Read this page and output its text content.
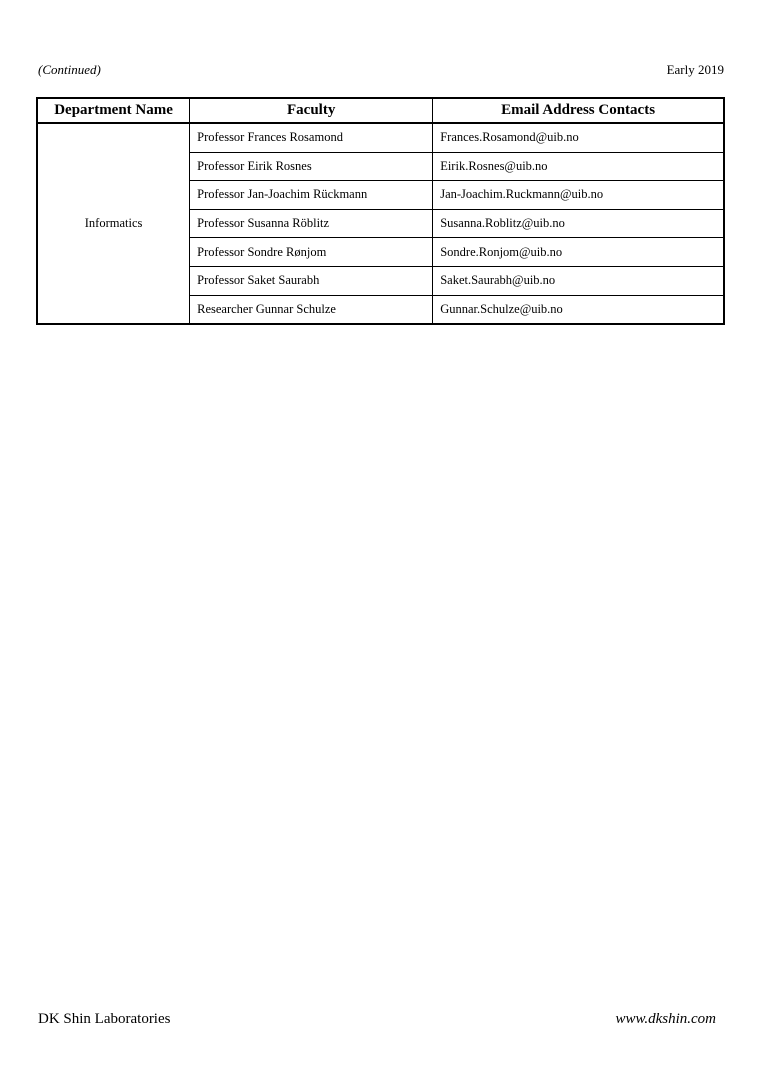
(Continued)	Early 2019
Department Name	Faculty	Email Address Contacts
Informatics	Professor Frances Rosamond	Frances.Rosamond@uib.no
	Professor Eirik Rosnes	Eirik.Rosnes@uib.no
	Professor Jan-Joachim Rückmann	Jan-Joachim.Ruckmann@uib.no
	Professor Susanna Röblitz	Susanna.Roblitz@uib.no
	Professor Sondre Rønjom	Sondre.Ronjom@uib.no
	Professor Saket Saurabh	Saket.Saurabh@uib.no
	Researcher Gunnar Schulze	Gunnar.Schulze@uib.no
DK Shin Laboratories	www.dkshin.com
